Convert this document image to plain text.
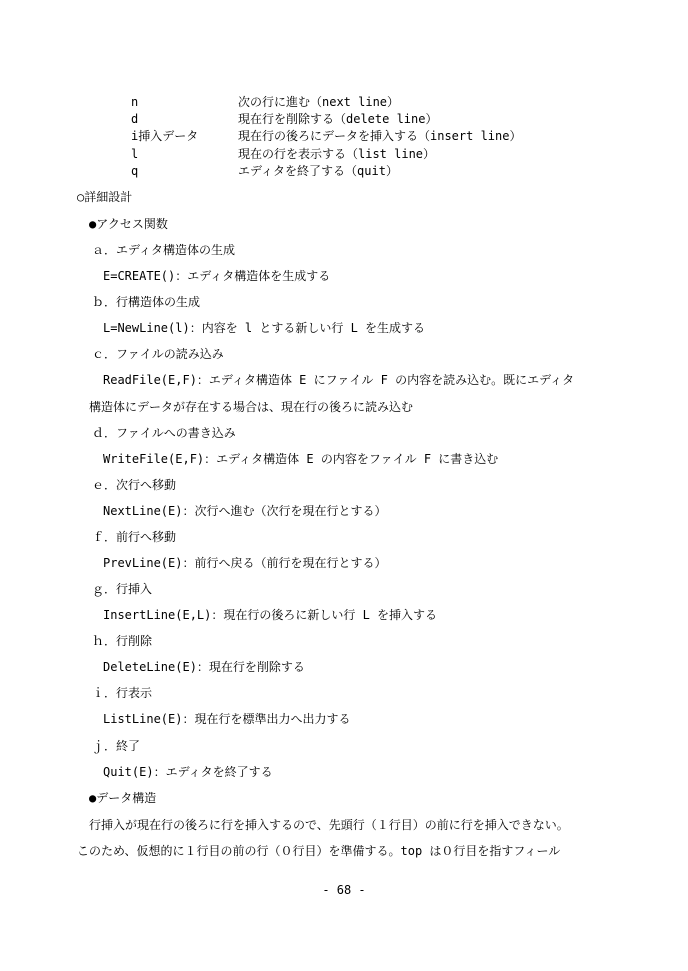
n	次の行に進む（next line）
d	現在行を削除する（delete line）
i挿入データ	現在行の後ろにデータを挿入する（insert line）
l	現在の行を表示する（list line）
q	エディタを終了する（quit）
○詳細設計
●アクセス関数
ａ．エディタ構造体の生成
E=CREATE()：エディタ構造体を生成する
ｂ．行構造体の生成
L=NewLine(l)：内容を l とする新しい行 L を生成する
ｃ．ファイルの読み込み
ReadFile(E,F)：エディタ構造体 E にファイル F の内容を読み込む。既にエディタ
構造体にデータが存在する場合は、現在行の後ろに読み込む
ｄ．ファイルへの書き込み
WriteFile(E,F)：エディタ構造体 E の内容をファイル F に書き込む
ｅ．次行へ移動
NextLine(E)：次行へ進む（次行を現在行とする）
ｆ．前行へ移動
PrevLine(E)：前行へ戻る（前行を現在行とする）
ｇ．行挿入
InsertLine(E,L)：現在行の後ろに新しい行 L を挿入する
ｈ．行削除
DeleteLine(E)：現在行を削除する
ｉ．行表示
ListLine(E)：現在行を標準出力へ出力する
ｊ．終了
Quit(E)：エディタを終了する
●データ構造
行挿入が現在行の後ろに行を挿入するので、先頭行（１行目）の前に行を挿入できない。
このため、仮想的に１行目の前の行（０行目）を準備する。top は０行目を指すフィール
- 68 -
